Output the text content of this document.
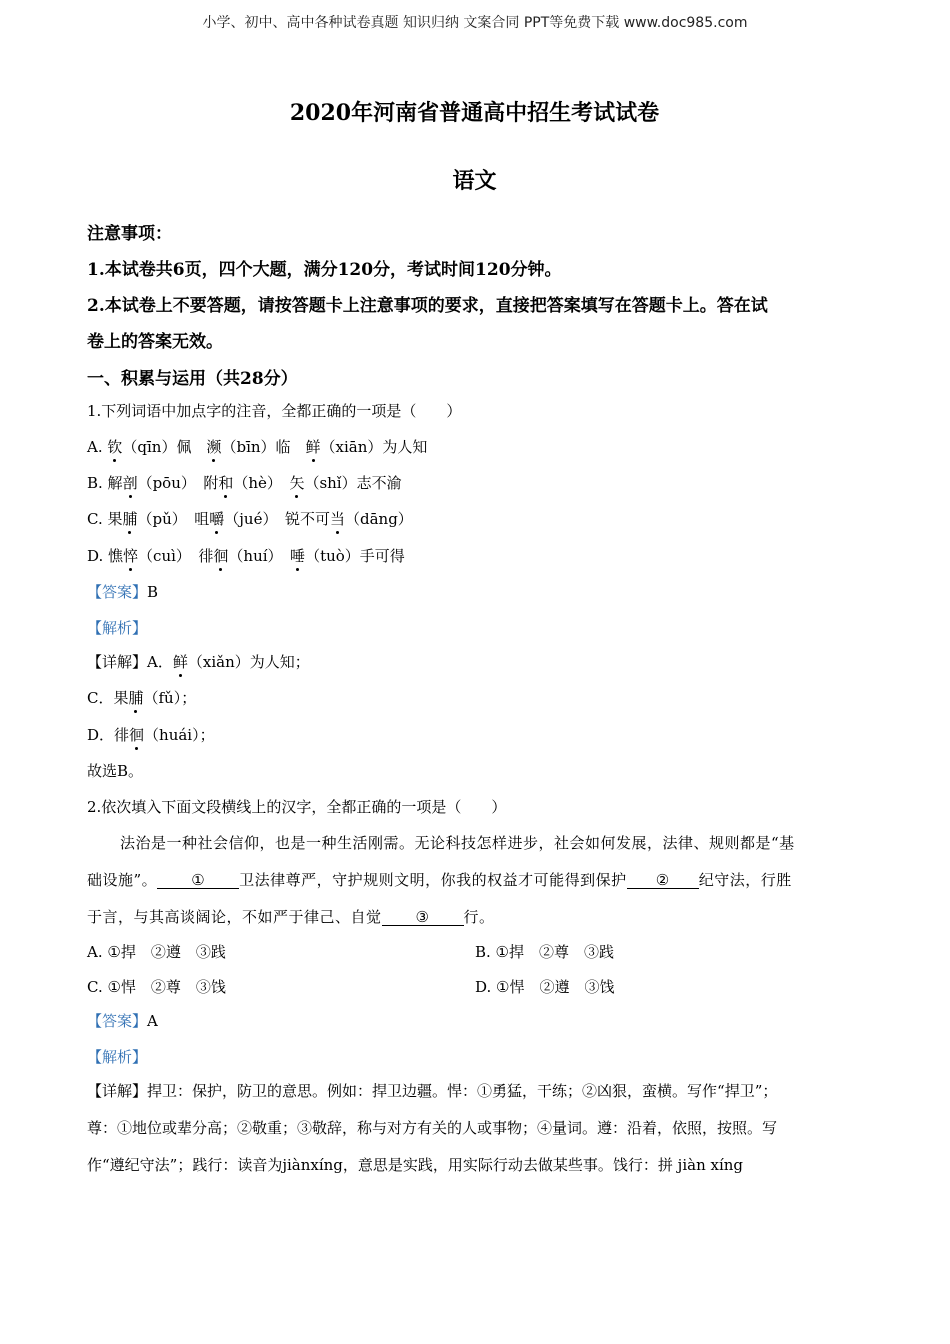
小学、初中、高中各种试卷真题 知识归纳 文案合同 PPT等免费下载 www.doc985.com
2020年河南省普通高中招生考试试卷
语文
注意事项：
1.本试卷共6页，四个大题，满分120分，考试时间120分钟。
2.本试卷上不要答题，请按答题卡上注意事项的要求，直接把答案填写在答题卡上。答在试
卷上的答案无效。
一、积累与运用（共28分）
1.下列词语中加点字的注音，全都正确的一项是（　　）
A. 钦（qīn）佩　濒（bīn）临　鲜（xiān）为人知
B. 解剖（pōu）　附和（hè）　矢（shǐ）志不渝
C. 果脯（pǔ）　咀嚼（jué）　锐不可当（dāng）
D. 憔悴（cuì）　徘徊（huí）　唾（tuò）手可得
【答案】B
【解析】
【详解】A．鲜（xiǎn）为人知；
C．果脯（fǔ）；
D．徘徊（huái）；
故选B。
2.依次填入下面文段横线上的汉字，全都正确的一项是（　　）
法治是一种社会信仰，也是一种生活刚需。无论科技怎样进步，社会如何发展，法律、规则都是“基
础设施”。 ① 卫法律尊严，守护规则文明，你我的权益才可能得到保护 ② 纪守法，行胜
于言，与其高谈阔论，不如严于律己、自觉 ③ 行。
A. ①捍　②遵　③践	B. ①捍　②尊　③践
C. ①悍　②尊　③饯	D. ①悍　②遵　③饯
【答案】A
【解析】
【详解】捍卫：保护，防卫的意思。例如：捍卫边疆。悍：①勇猛，干练；②凶狠，蛮横。写作“捍卫”；
尊：①地位或辈分高；②敬重；③敬辞，称与对方有关的人或事物；④量词。遵：沿着，依照，按照。写
作“遵纪守法”；践行：读音为jiànxíng，意思是实践，用实际行动去做某些事。饯行：拼 jiàn xíng
